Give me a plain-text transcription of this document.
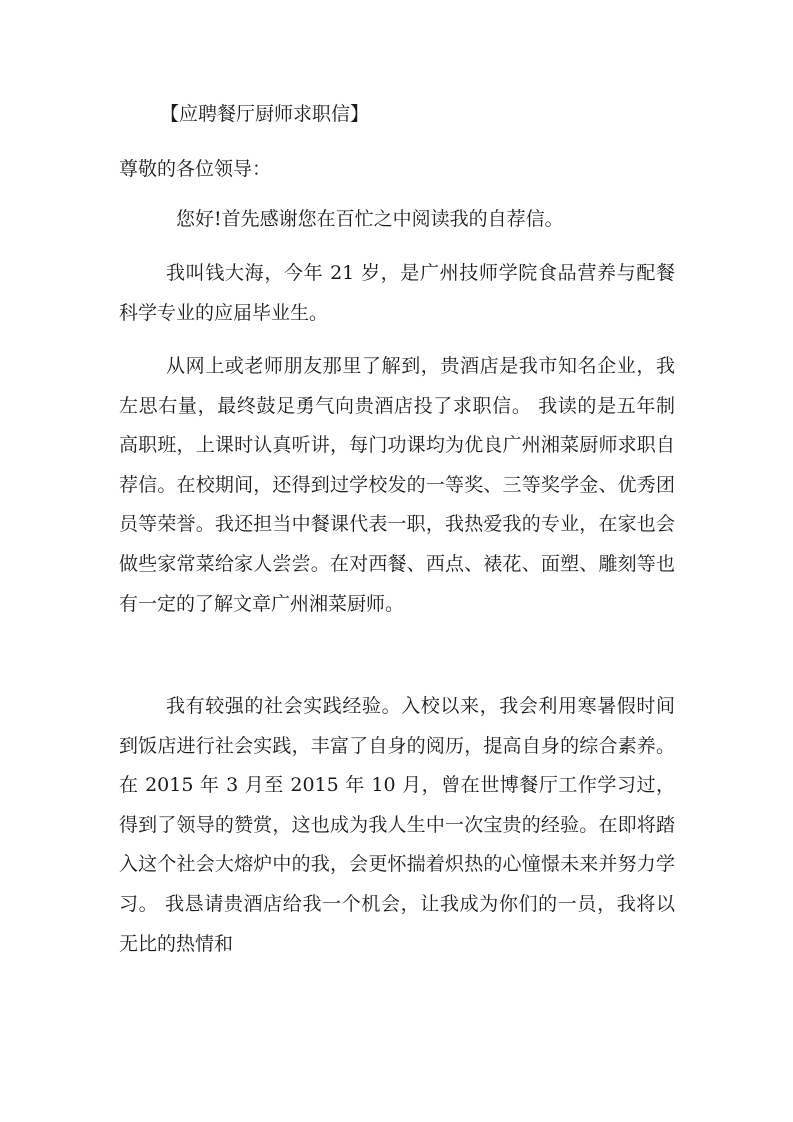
【应聘餐厅厨师求职信】
尊敬的各位领导：
您好!首先感谢您在百忙之中阅读我的自荐信。

我叫钱大海，今年 21 岁，是广州技师学院食品营养与配餐科学专业的应届毕业生。

从网上或老师朋友那里了解到，贵酒店是我市知名企业，我左思右量，最终鼓足勇气向贵酒店投了求职信。 我读的是五年制高职班，上课时认真听讲，每门功课均为优良广州湘菜厨师求职自荐信。在校期间，还得到过学校发的一等奖、三等奖学金、优秀团员等荣誉。我还担当中餐课代表一职，我热爱我的专业，在家也会做些家常菜给家人尝尝。在对西餐、西点、裱花、面塑、雕刻等也有一定的了解文章广州湘菜厨师。

我有较强的社会实践经验。入校以来，我会利用寒暑假时间到饭店进行社会实践，丰富了自身的阅历，提高自身的综合素养。在 2015 年 3 月至 2015 年 10 月，曾在世博餐厅工作学习过，得到了领导的赞赏，这也成为我人生中一次宝贵的经验。在即将踏入这个社会大熔炉中的我，会更怀揣着炽热的心憧憬未来并努力学习。 我恳请贵酒店给我一个机会，让我成为你们的一员，我将以无比的热情和
